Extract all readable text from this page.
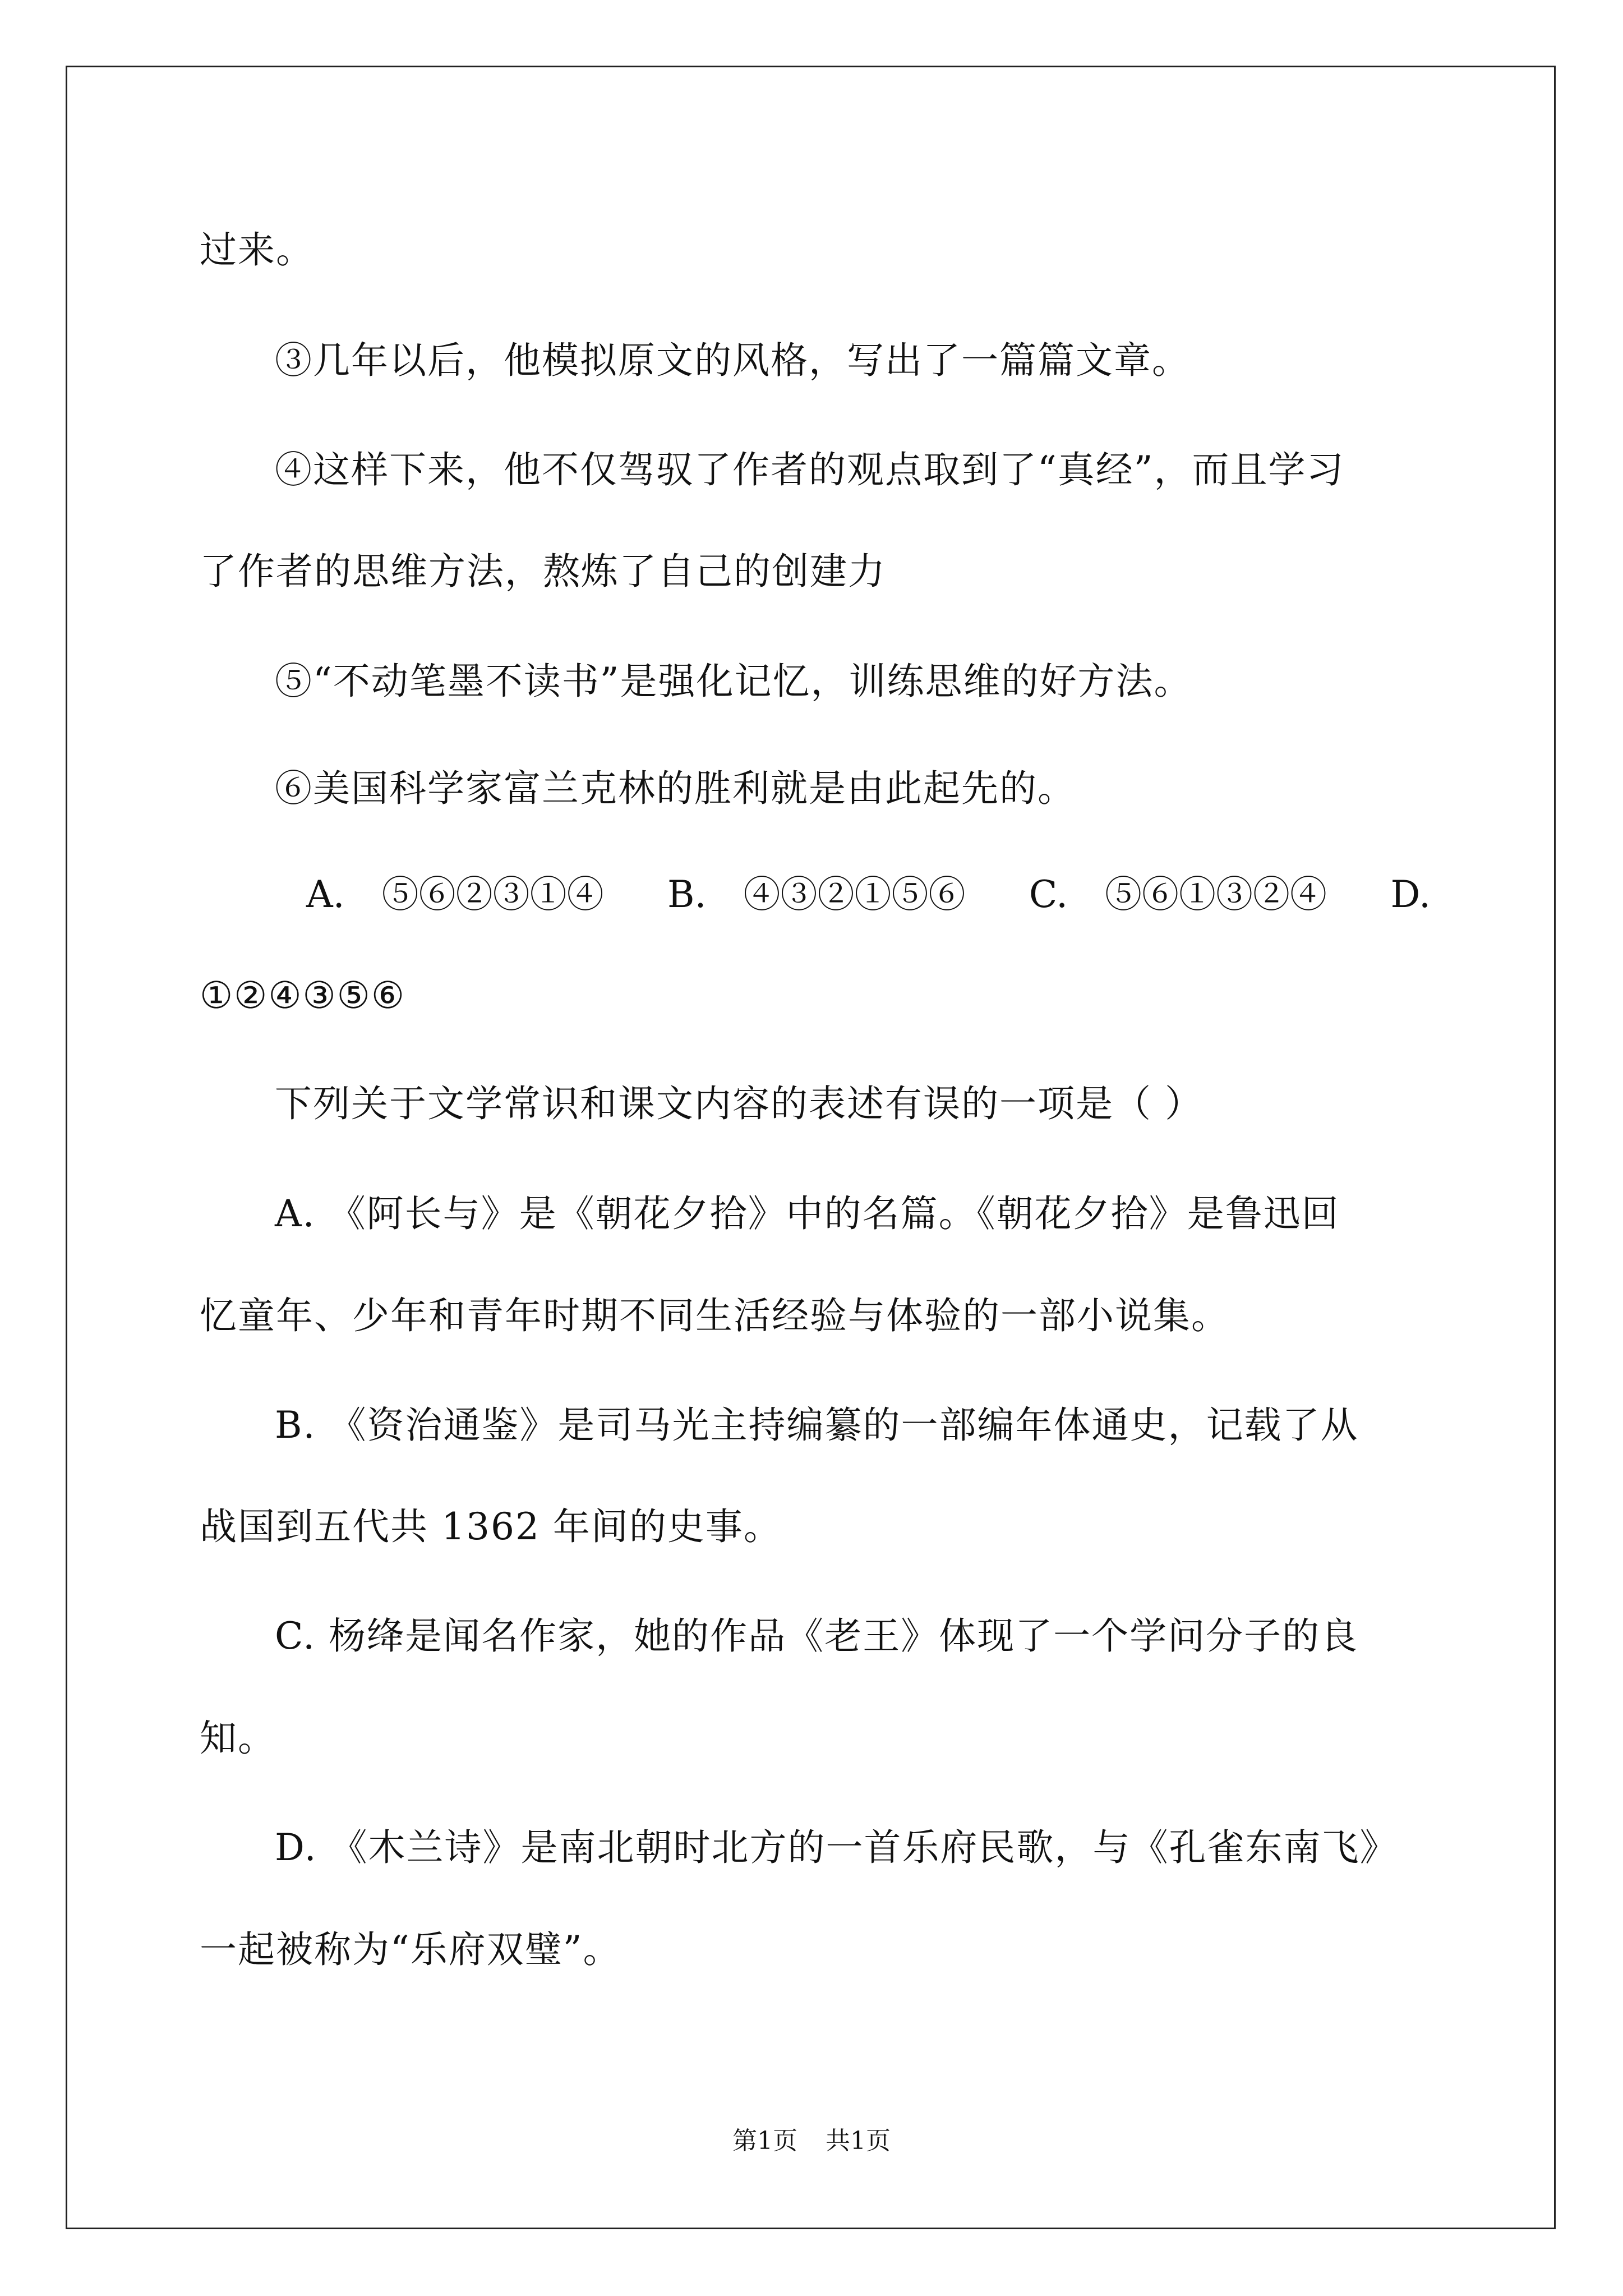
过来。
③几年以后，他模拟原文的风格，写出了一篇篇文章。
④这样下来，他不仅驾驭了作者的观点取到了“真经”，而且学习
了作者的思维方法，熬炼了自己的创建力
⑤“不动笔墨不读书”是强化记忆，训练思维的好方法。
⑥美国科学家富兰克林的胜利就是由此起先的。
A.　⑤⑥②③①④ B.　④③②①⑤⑥ C.　⑤⑥①③②④ D.
①②④③⑤⑥
下列关于文学常识和课文内容的表述有误的一项是（ ）
A. 《阿长与》是《朝花夕拾》中的名篇。《朝花夕拾》是鲁迅回
忆童年、少年和青年时期不同生活经验与体验的一部小说集。
B. 《资治通鉴》是司马光主持编纂的一部编年体通史，记载了从
战国到五代共 1362 年间的史事。
C. 杨绛是闻名作家，她的作品《老王》体现了一个学问分子的良
知。
D. 《木兰诗》是南北朝时北方的一首乐府民歌，与《孔雀东南飞》
一起被称为“乐府双璧”。
第1页 共1页
